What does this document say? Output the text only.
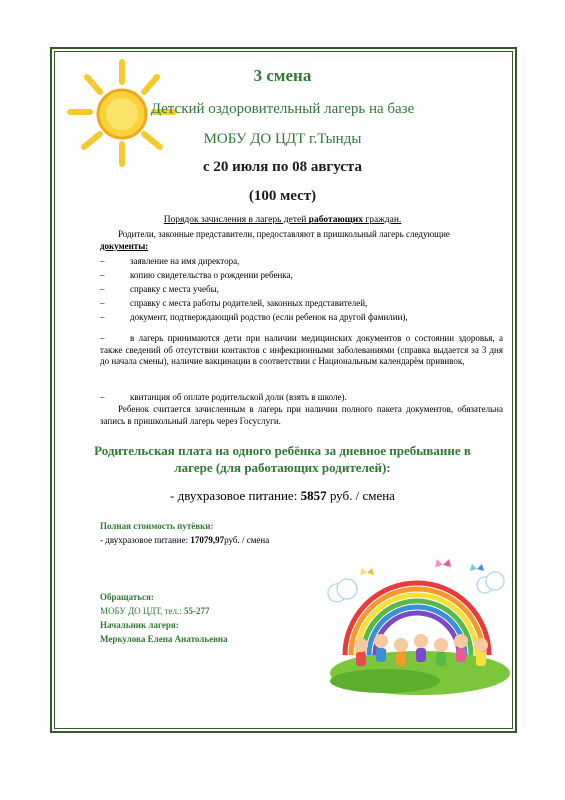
3 смена
Детский оздоровительный лагерь на базе
МОБУ ДО ЦДТ г.Тынды
с 20 июля по 08 августа
(100 мест)
Порядок зачисления в лагерь детей работающих граждан.
Родители, законные представители, предоставляют в пришкольный лагерь следующие
документы:
–	заявление на имя директора,
–	копию свидетельства о рождении ребенка,
–	справку с места учебы,
–	справку с места работы родителей, законных представителей,
–	документ, подтверждающий родство (если ребенок на другой фамилии),
–	в лагерь принимаются дети при наличии медицинских документов о состоянии здоровья, а также сведений об отсутствии контактов с инфекционными заболеваниями (справка выдается за 3 дня до начала смены), наличие вакцинации в соответствии с Национальным календарём прививок,
–	квитанция об оплате родительской доли (взять в школе).
Ребенок считается зачисленным в лагерь при наличии полного пакета документов, обязательна запись в пришкольный лагерь через Госуслуги.
Родительская плата на одного ребёнка за дневное пребывание в
лагере (для работающих родителей):
- двухразовое питание: 5857 руб. / смена
Полная стоимость путёвки:
- двухразовое питание: 17079,97руб. / смена
Обращаться:
МОБУ ДО ЦДТ, тел.: 55-277
Начальник лагеря:
Меркулова Елена Анатольевна
